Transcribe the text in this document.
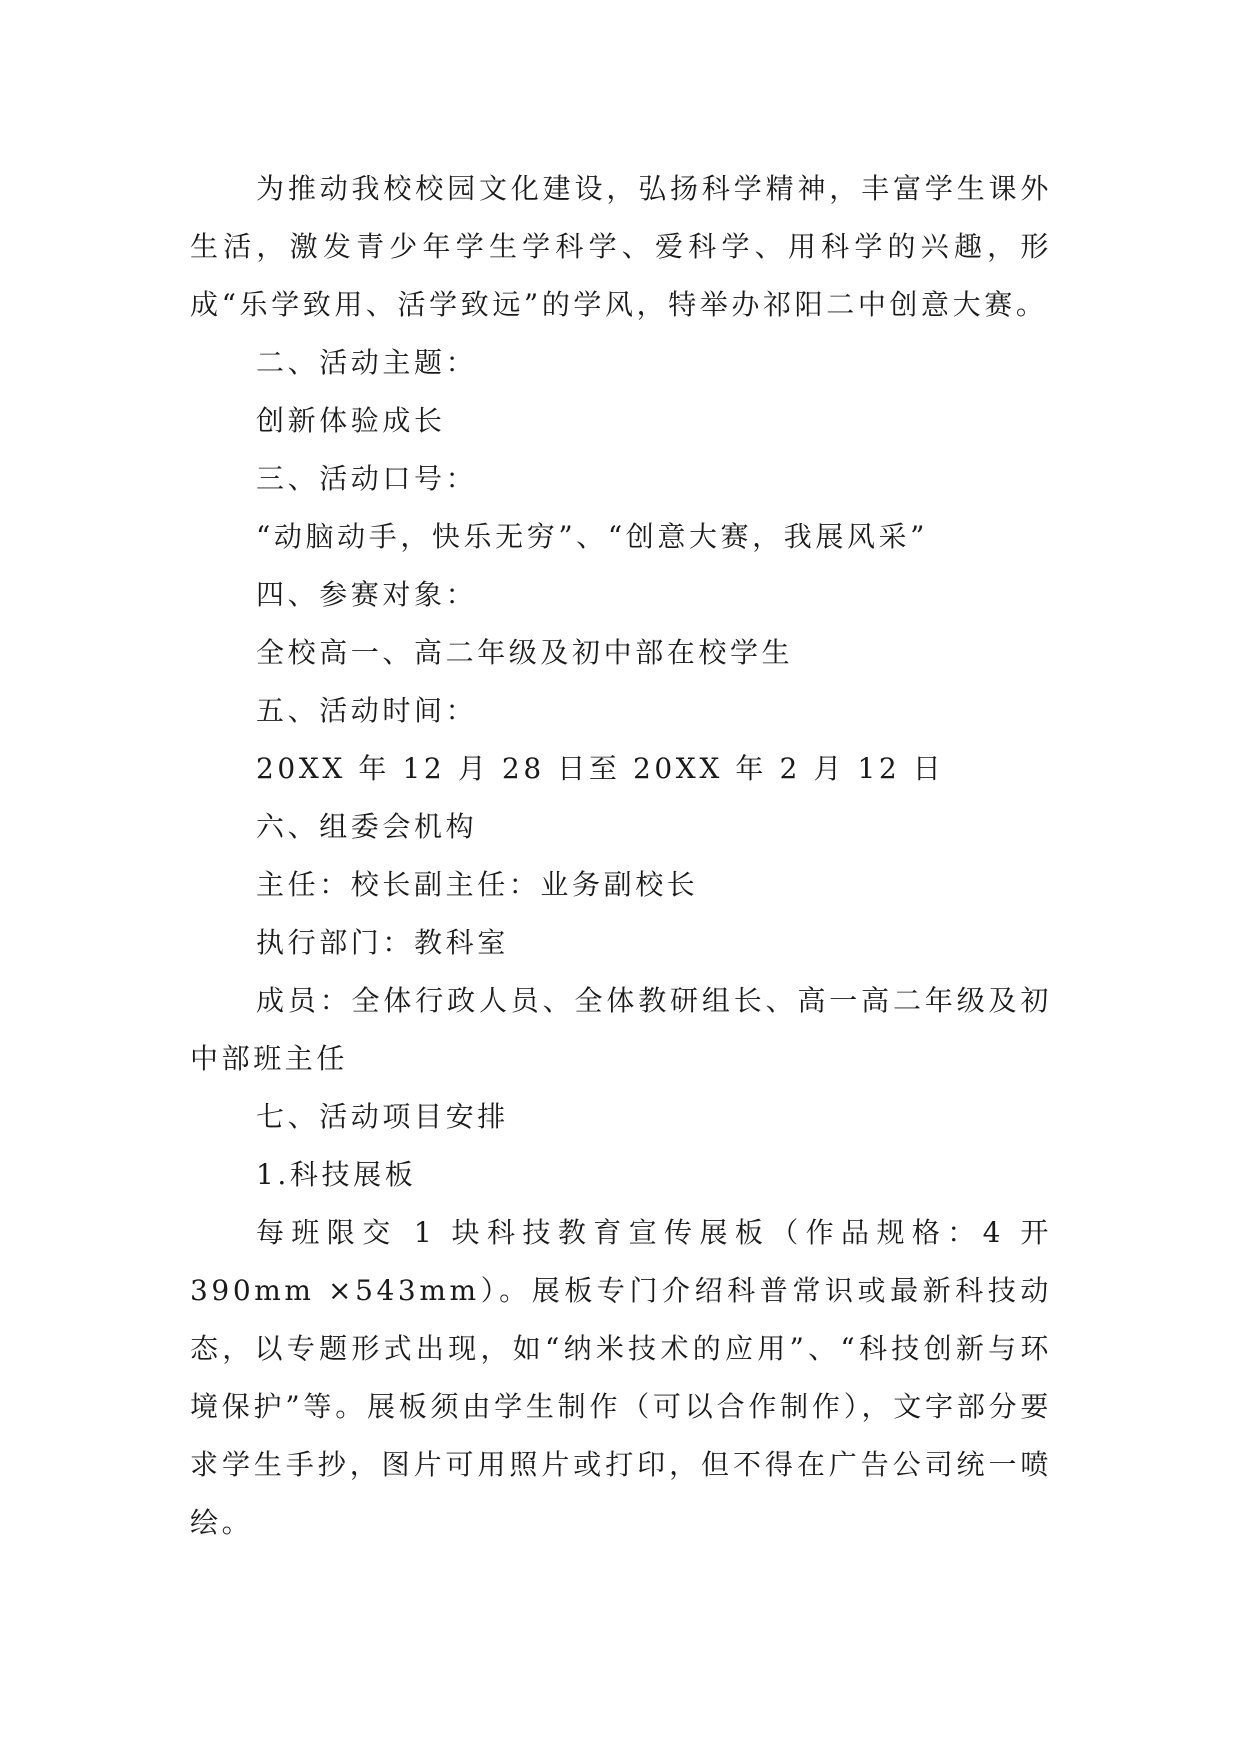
为推动我校校园文化建设，弘扬科学精神，丰富学生课外生活，激发青少年学生学科学、爱科学、用科学的兴趣，形成“乐学致用、活学致远”的学风，特举办祁阳二中创意大赛。

二、活动主题：

创新体验成长

三、活动口号：

“动脑动手，快乐无穷”、“创意大赛，我展风采”

四、参赛对象：

全校高一、高二年级及初中部在校学生

五、活动时间：

20XX 年 12 月 28 日至 20XX 年 2 月 12 日

六、组委会机构

主任：校长副主任：业务副校长

执行部门：教科室

成员：全体行政人员、全体教研组长、高一高二年级及初中部班主任

七、活动项目安排

1.科技展板

每班限交 1 块科技教育宣传展板（作品规格：4 开 390mm ×543mm）。展板专门介绍科普常识或最新科技动态，以专题形式出现，如“纳米技术的应用”、“科技创新与环境保护”等。展板须由学生制作（可以合作制作），文字部分要求学生手抄，图片可用照片或打印，但不得在广告公司统一喷绘。
